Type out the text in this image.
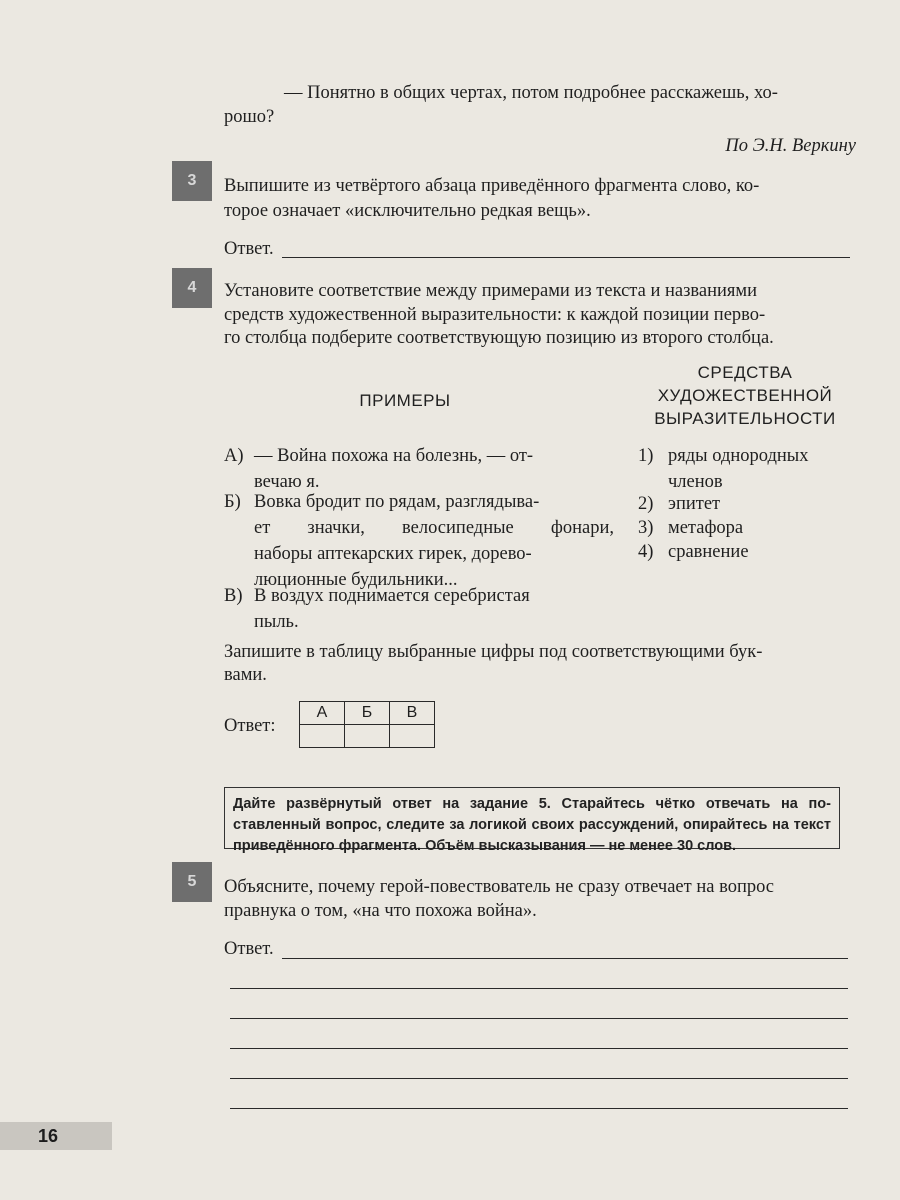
— Понятно в общих чертах, потом подробнее расскажешь, хо-
рошо?
По Э.Н. Веркину
3	Выпишите из четвёртого абзаца приведённого фрагмента слово, ко-
торое означает «исключительно редкая вещь».
Ответ.
4	Установите соответствие между примерами из текста и названиями
средств художественной выразительности: к каждой позиции перво-
го столбца подберите соответствующую позицию из второго столбца.
ПРИМЕРЫ
СРЕДСТВА
ХУДОЖЕСТВЕННОЙ
ВЫРАЗИТЕЛЬНОСТИ
А) — Война похожа на болезнь, — от-
вечаю я.
Б) Вовка бродит по рядам, разглядыва-
ет значки, велосипедные фонари,
наборы аптекарских гирек, дорево-
люционные будильники...
В) В воздух поднимается серебристая
пыль.
1) ряды однородных
членов
2) эпитет
3) метафора
4) сравнение
Запишите в таблицу выбранные цифры под соответствующими бук-
вами.
Ответ:
А	Б	В

Дайте развёрнутый ответ на задание 5. Старайтесь чётко отвечать на по-ставленный вопрос, следите за логикой своих рассуждений, опирайтесь на текст приведённого фрагмента. Объём высказывания — не менее 30 слов.
5	Объясните, почему герой-повествователь не сразу отвечает на вопрос
правнука о том, «на что похожа война».
Ответ.
16
